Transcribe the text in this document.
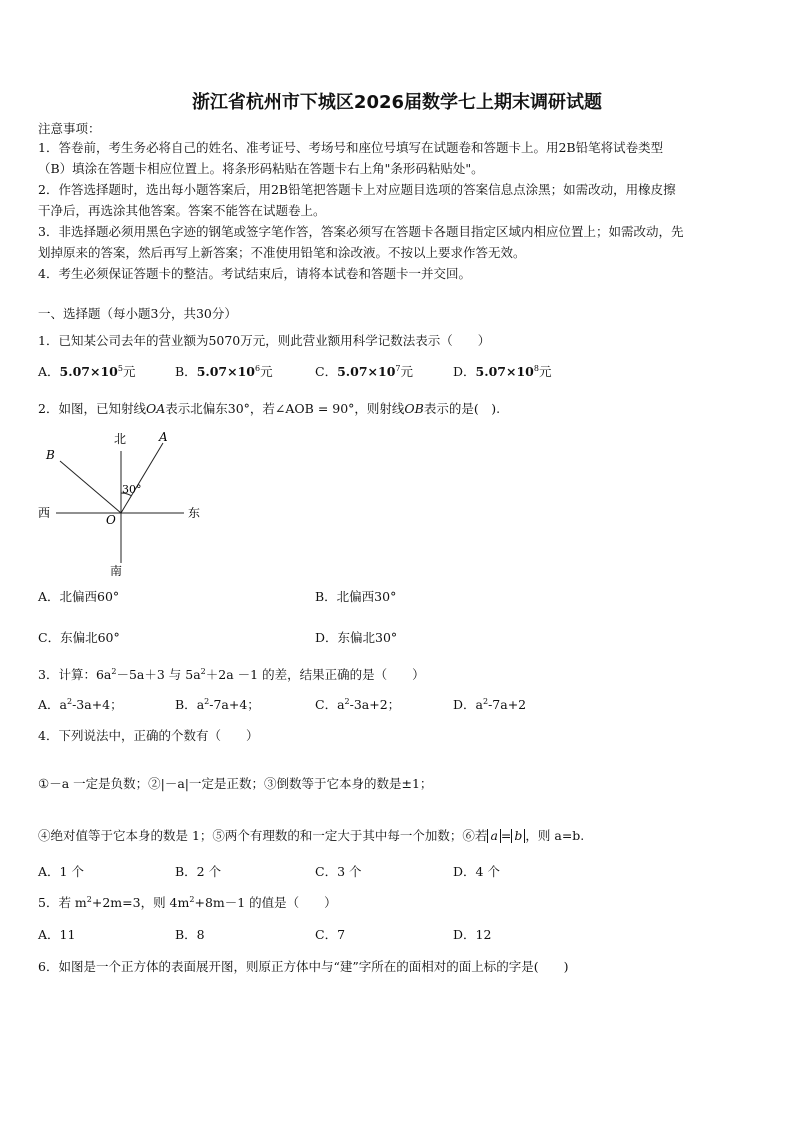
浙江省杭州市下城区2026届数学七上期末调研试题
注意事项：
1．答卷前，考生务必将自己的姓名、准考证号、考场号和座位号填写在试题卷和答题卡上。用2B铅笔将试卷类型
（B）填涂在答题卡相应位置上。将条形码粘贴在答题卡右上角"条形码粘贴处"。
2．作答选择题时，选出每小题答案后，用2B铅笔把答题卡上对应题目选项的答案信息点涂黑；如需改动，用橡皮擦
干净后，再选涂其他答案。答案不能答在试题卷上。
3．非选择题必须用黑色字迹的钢笔或签字笔作答，答案必须写在答题卡各题目指定区域内相应位置上；如需改动，先
划掉原来的答案，然后再写上新答案；不准使用铅笔和涂改液。不按以上要求作答无效。
4．考生必须保证答题卡的整洁。考试结束后，请将本试卷和答题卡一并交回。
一、选择题（每小题3分，共30分）
1．已知某公司去年的营业额为5070万元，则此营业额用科学记数法表示（　　）
A．$5.07\times 10^5$元	B．$5.07\times 10^6$元	C．$5.07\times 10^7$元	D．$5.07\times 10^8$元
2．如图，已知射线OA表示北偏东30°，若∠AOB = 90°，则射线OB表示的是(　).
北
南
西	东
A
B
O
30°
A．北偏西60°	B．北偏西30°
C．东偏北60°	D．东偏北30°
3．计算：$6a^2-5a+3$ 与 $5a^2+2a -1$ 的差，结果正确的是（　　）
A．$a^2-3a+4$；	B．$a^2-7a+4$；	C．$a^2-3a+2$；	D．$a^2-7a+2$
4．下列说法中，正确的个数有（　　）
①－a 一定是负数；②|－a|一定是正数；③倒数等于它本身的数是±1；
④绝对值等于它本身的数是 1；⑤两个有理数的和一定大于其中每一个加数；⑥若 a = b ，则 a=b.
A．1 个	B．2 个	C．3 个	D．4 个
5．若 $m^2+2m=3$，则 $4m^2+8m-1$ 的值是（　　）
A．11	B．8	C．7	D．12
6．如图是一个正方体的表面展开图，则原正方体中与“建”字所在的面相对的面上标的字是(　　)
